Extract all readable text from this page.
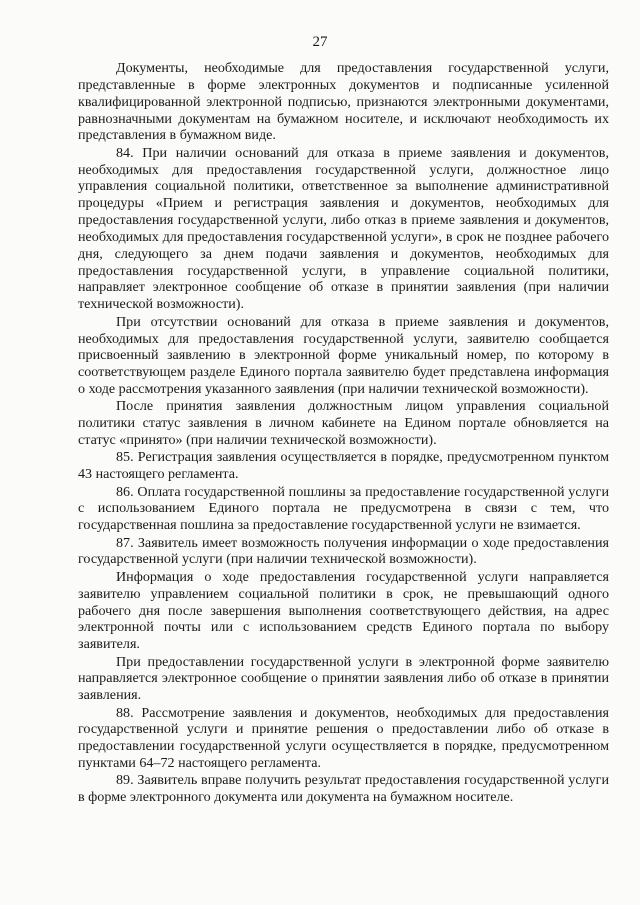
27

Документы, необходимые для предоставления государственной услуги, представленные в форме электронных документов и подписанные усиленной квалифицированной электронной подписью, признаются электронными документами, равнозначными документам на бумажном носителе, и исключают необходимость их представления в бумажном виде.

84. При наличии оснований для отказа в приеме заявления и документов, необходимых для предоставления государственной услуги, должностное лицо управления социальной политики, ответственное за выполнение административной процедуры «Прием и регистрация заявления и документов, необходимых для предоставления государственной услуги, либо отказ в приеме заявления и документов, необходимых для предоставления государственной услуги», в срок не позднее рабочего дня, следующего за днем подачи заявления и документов, необходимых для предоставления государственной услуги, в управление социальной политики, направляет электронное сообщение об отказе в принятии заявления (при наличии технической возможности).

При отсутствии оснований для отказа в приеме заявления и документов, необходимых для предоставления государственной услуги, заявителю сообщается присвоенный заявлению в электронной форме уникальный номер, по которому в соответствующем разделе Единого портала заявителю будет представлена информация о ходе рассмотрения указанного заявления (при наличии технической возможности).

После принятия заявления должностным лицом управления социальной политики статус заявления в личном кабинете на Едином портале обновляется на статус «принято» (при наличии технической возможности).

85. Регистрация заявления осуществляется в порядке, предусмотренном пунктом 43 настоящего регламента.

86. Оплата государственной пошлины за предоставление государственной услуги с использованием Единого портала не предусмотрена в связи с тем, что государственная пошлина за предоставление государственной услуги не взимается.

87. Заявитель имеет возможность получения информации о ходе предоставления государственной услуги (при наличии технической возможности).

Информация о ходе предоставления государственной услуги направляется заявителю управлением социальной политики в срок, не превышающий одного рабочего дня после завершения выполнения соответствующего действия, на адрес электронной почты или с использованием средств Единого портала по выбору заявителя.

При предоставлении государственной услуги в электронной форме заявителю направляется электронное сообщение о принятии заявления либо об отказе в принятии заявления.

88. Рассмотрение заявления и документов, необходимых для предоставления государственной услуги и принятие решения о предоставлении либо об отказе в предоставлении государственной услуги осуществляется в порядке, предусмотренном пунктами 64–72 настоящего регламента.

89. Заявитель вправе получить результат предоставления государственной услуги в форме электронного документа или документа на бумажном носителе.
